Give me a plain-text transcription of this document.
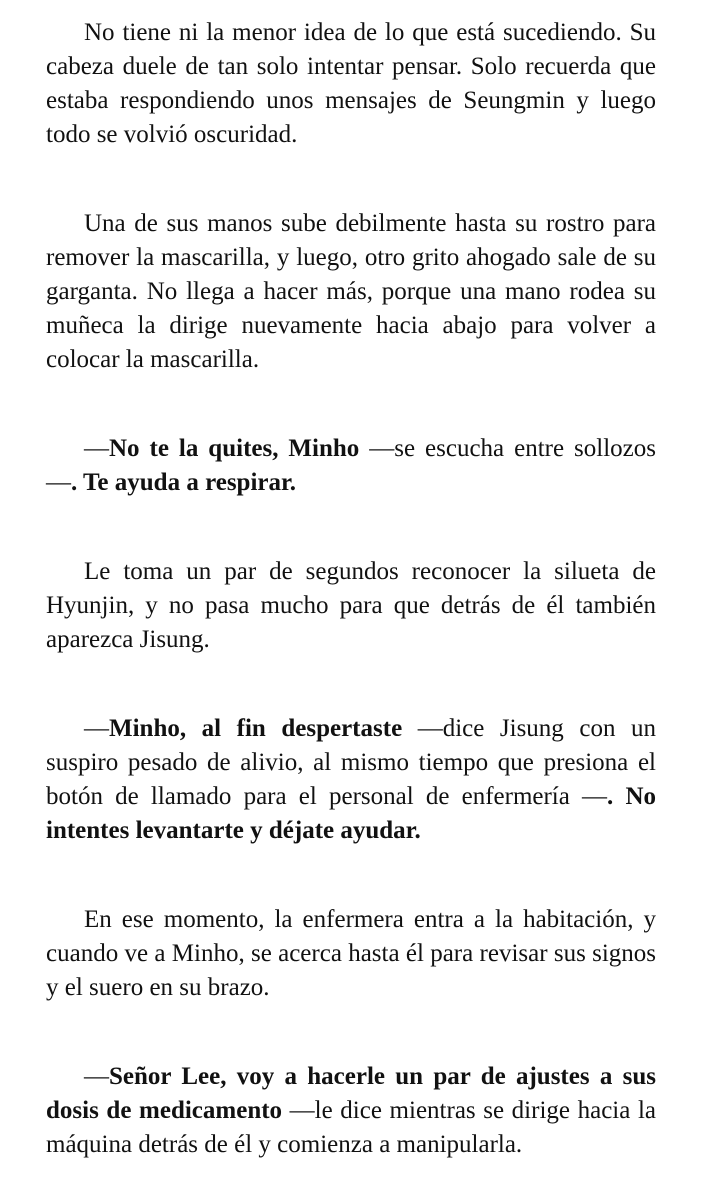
No tiene ni la menor idea de lo que está sucediendo. Su cabeza duele de tan solo intentar pensar. Solo recuerda que estaba respondiendo unos mensajes de Seungmin y luego todo se volvió oscuridad.

Una de sus manos sube debilmente hasta su rostro para remover la mascarilla, y luego, otro grito ahogado sale de su garganta. No llega a hacer más, porque una mano rodea su muñeca la dirige nuevamente hacia abajo para volver a colocar la mascarilla.

—No te la quites, Minho —se escucha entre sollozos —. Te ayuda a respirar.

Le toma un par de segundos reconocer la silueta de Hyunjin, y no pasa mucho para que detrás de él también aparezca Jisung.

—Minho, al fin despertaste —dice Jisung con un suspiro pesado de alivio, al mismo tiempo que presiona el botón de llamado para el personal de enfermería —. No intentes levantarte y déjate ayudar.

En ese momento, la enfermera entra a la habitación, y cuando ve a Minho, se acerca hasta él para revisar sus signos y el suero en su brazo.

—Señor Lee, voy a hacerle un par de ajustes a sus dosis de medicamento —le dice mientras se dirige hacia la máquina detrás de él y comienza a manipularla.
